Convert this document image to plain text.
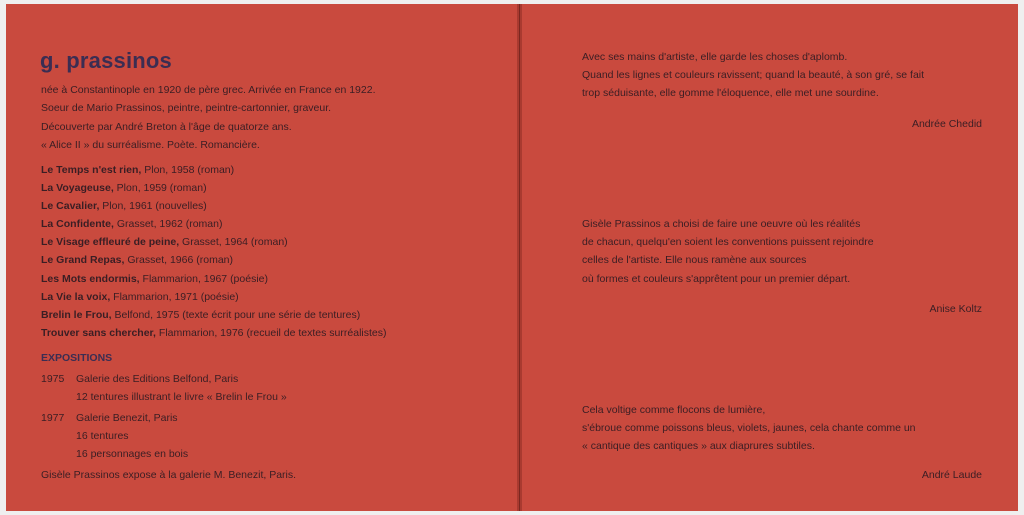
g. prassinos
née à Constantinople en 1920 de père grec. Arrivée en France en 1922.
Soeur de Mario Prassinos, peintre, peintre-cartonnier, graveur.
Découverte par André Breton à l'âge de quatorze ans.
« Alice II » du surréalisme. Poète. Romancière.
Le Temps n'est rien, Plon, 1958 (roman)
La Voyageuse, Plon, 1959 (roman)
Le Cavalier, Plon, 1961 (nouvelles)
La Confidente, Grasset, 1962 (roman)
Le Visage effleuré de peine, Grasset, 1964 (roman)
Le Grand Repas, Grasset, 1966 (roman)
Les Mots endormis, Flammarion, 1967 (poésie)
La Vie la voix, Flammarion, 1971 (poésie)
Brelin le Frou, Belfond, 1975 (texte écrit pour une série de tentures)
Trouver sans chercher, Flammarion, 1976 (recueil de textes surréalistes)
EXPOSITIONS
1975	Galerie des Editions Belfond, Paris
12 tentures illustrant le livre « Brelin le Frou »
1977	Galerie Benezit, Paris
16 tentures
16 personnages en bois
Gisèle Prassinos expose à la galerie M. Benezit, Paris.
Avec ses mains d'artiste, elle garde les choses d'aplomb.
Quand les lignes et couleurs ravissent; quand la beauté, à son gré, se fait
trop séduisante, elle gomme l'éloquence, elle met une sourdine.
Andrée Chedid
Gisèle Prassinos a choisi de faire une oeuvre où les réalités
de chacun, quelqu'en soient les conventions puissent rejoindre
celles de l'artiste. Elle nous ramène aux sources
où formes et couleurs s'apprêtent pour un premier départ.
Anise Koltz
Cela voltige comme flocons de lumière,
s'ébroue comme poissons bleus, violets, jaunes, cela chante comme un
« cantique des cantiques » aux diaprures subtiles.
André Laude
